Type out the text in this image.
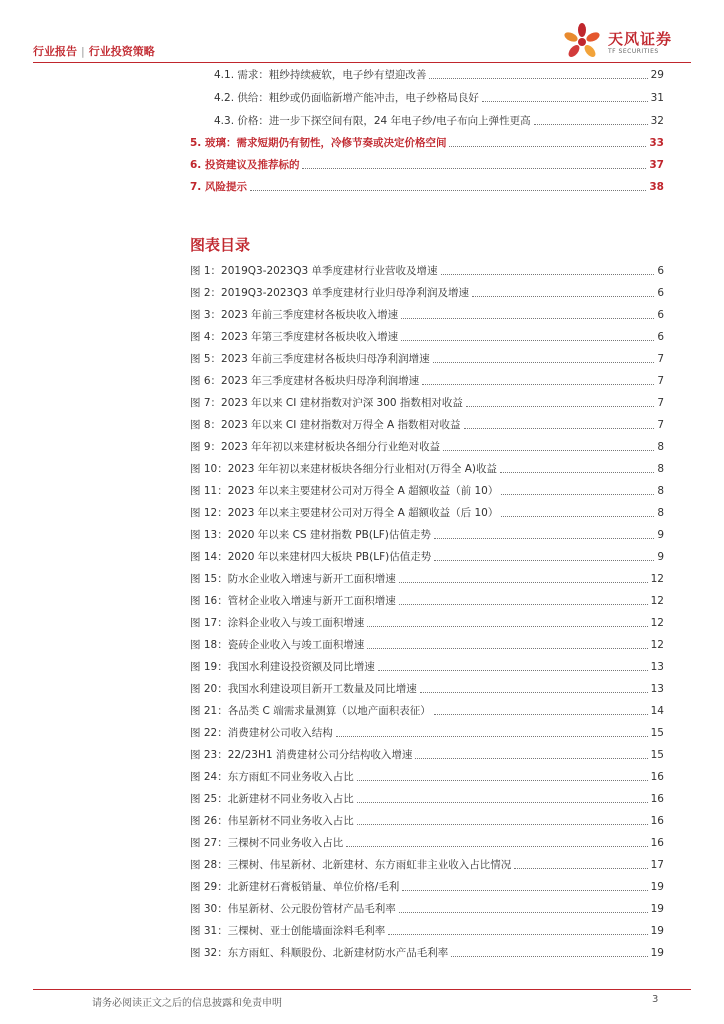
行业报告 | 行业投资策略
天风证券
TF SECURITIES
4.1. 需求：粗纱持续疲软，电子纱有望迎改善	29
4.2. 供给：粗纱或仍面临新增产能冲击，电子纱格局良好	31
4.3. 价格：进一步下探空间有限，24 年电子纱/电子布向上弹性更高	32
5. 玻璃：需求短期仍有韧性，冷修节奏或决定价格空间	33
6. 投资建议及推荐标的	37
7. 风险提示	38
图表目录
图 1：2019Q3-2023Q3 单季度建材行业营收及增速	6
图 2：2019Q3-2023Q3 单季度建材行业归母净利润及增速	6
图 3：2023 年前三季度建材各板块收入增速	6
图 4：2023 年第三季度建材各板块收入增速	6
图 5：2023 年前三季度建材各板块归母净利润增速	7
图 6：2023 年三季度建材各板块归母净利润增速	7
图 7：2023 年以来 CI 建材指数对沪深 300 指数相对收益	7
图 8：2023 年以来 CI 建材指数对万得全 A 指数相对收益	7
图 9：2023 年年初以来建材板块各细分行业绝对收益	8
图 10：2023 年年初以来建材板块各细分行业相对(万得全 A)收益	8
图 11：2023 年以来主要建材公司对万得全 A 超额收益（前 10）	8
图 12：2023 年以来主要建材公司对万得全 A 超额收益（后 10）	8
图 13：2020 年以来 CS 建材指数 PB(LF)估值走势	9
图 14：2020 年以来建材四大板块 PB(LF)估值走势	9
图 15：防水企业收入增速与新开工面积增速	12
图 16：管材企业收入增速与新开工面积增速	12
图 17：涂料企业收入与竣工面积增速	12
图 18：瓷砖企业收入与竣工面积增速	12
图 19：我国水利建设投资额及同比增速	13
图 20：我国水利建设项目新开工数量及同比增速	13
图 21：各品类 C 端需求量测算（以地产面积表征）	14
图 22：消费建材公司收入结构	15
图 23：22/23H1 消费建材公司分结构收入增速	15
图 24：东方雨虹不同业务收入占比	16
图 25：北新建材不同业务收入占比	16
图 26：伟星新材不同业务收入占比	16
图 27：三棵树不同业务收入占比	16
图 28：三棵树、伟星新材、北新建材、东方雨虹非主业收入占比情况	17
图 29：北新建材石膏板销量、单位价格/毛利	19
图 30：伟星新材、公元股份管材产品毛利率	19
图 31：三棵树、亚士创能墙面涂料毛利率	19
图 32：东方雨虹、科顺股份、北新建材防水产品毛利率	19
请务必阅读正文之后的信息披露和免责申明	3
